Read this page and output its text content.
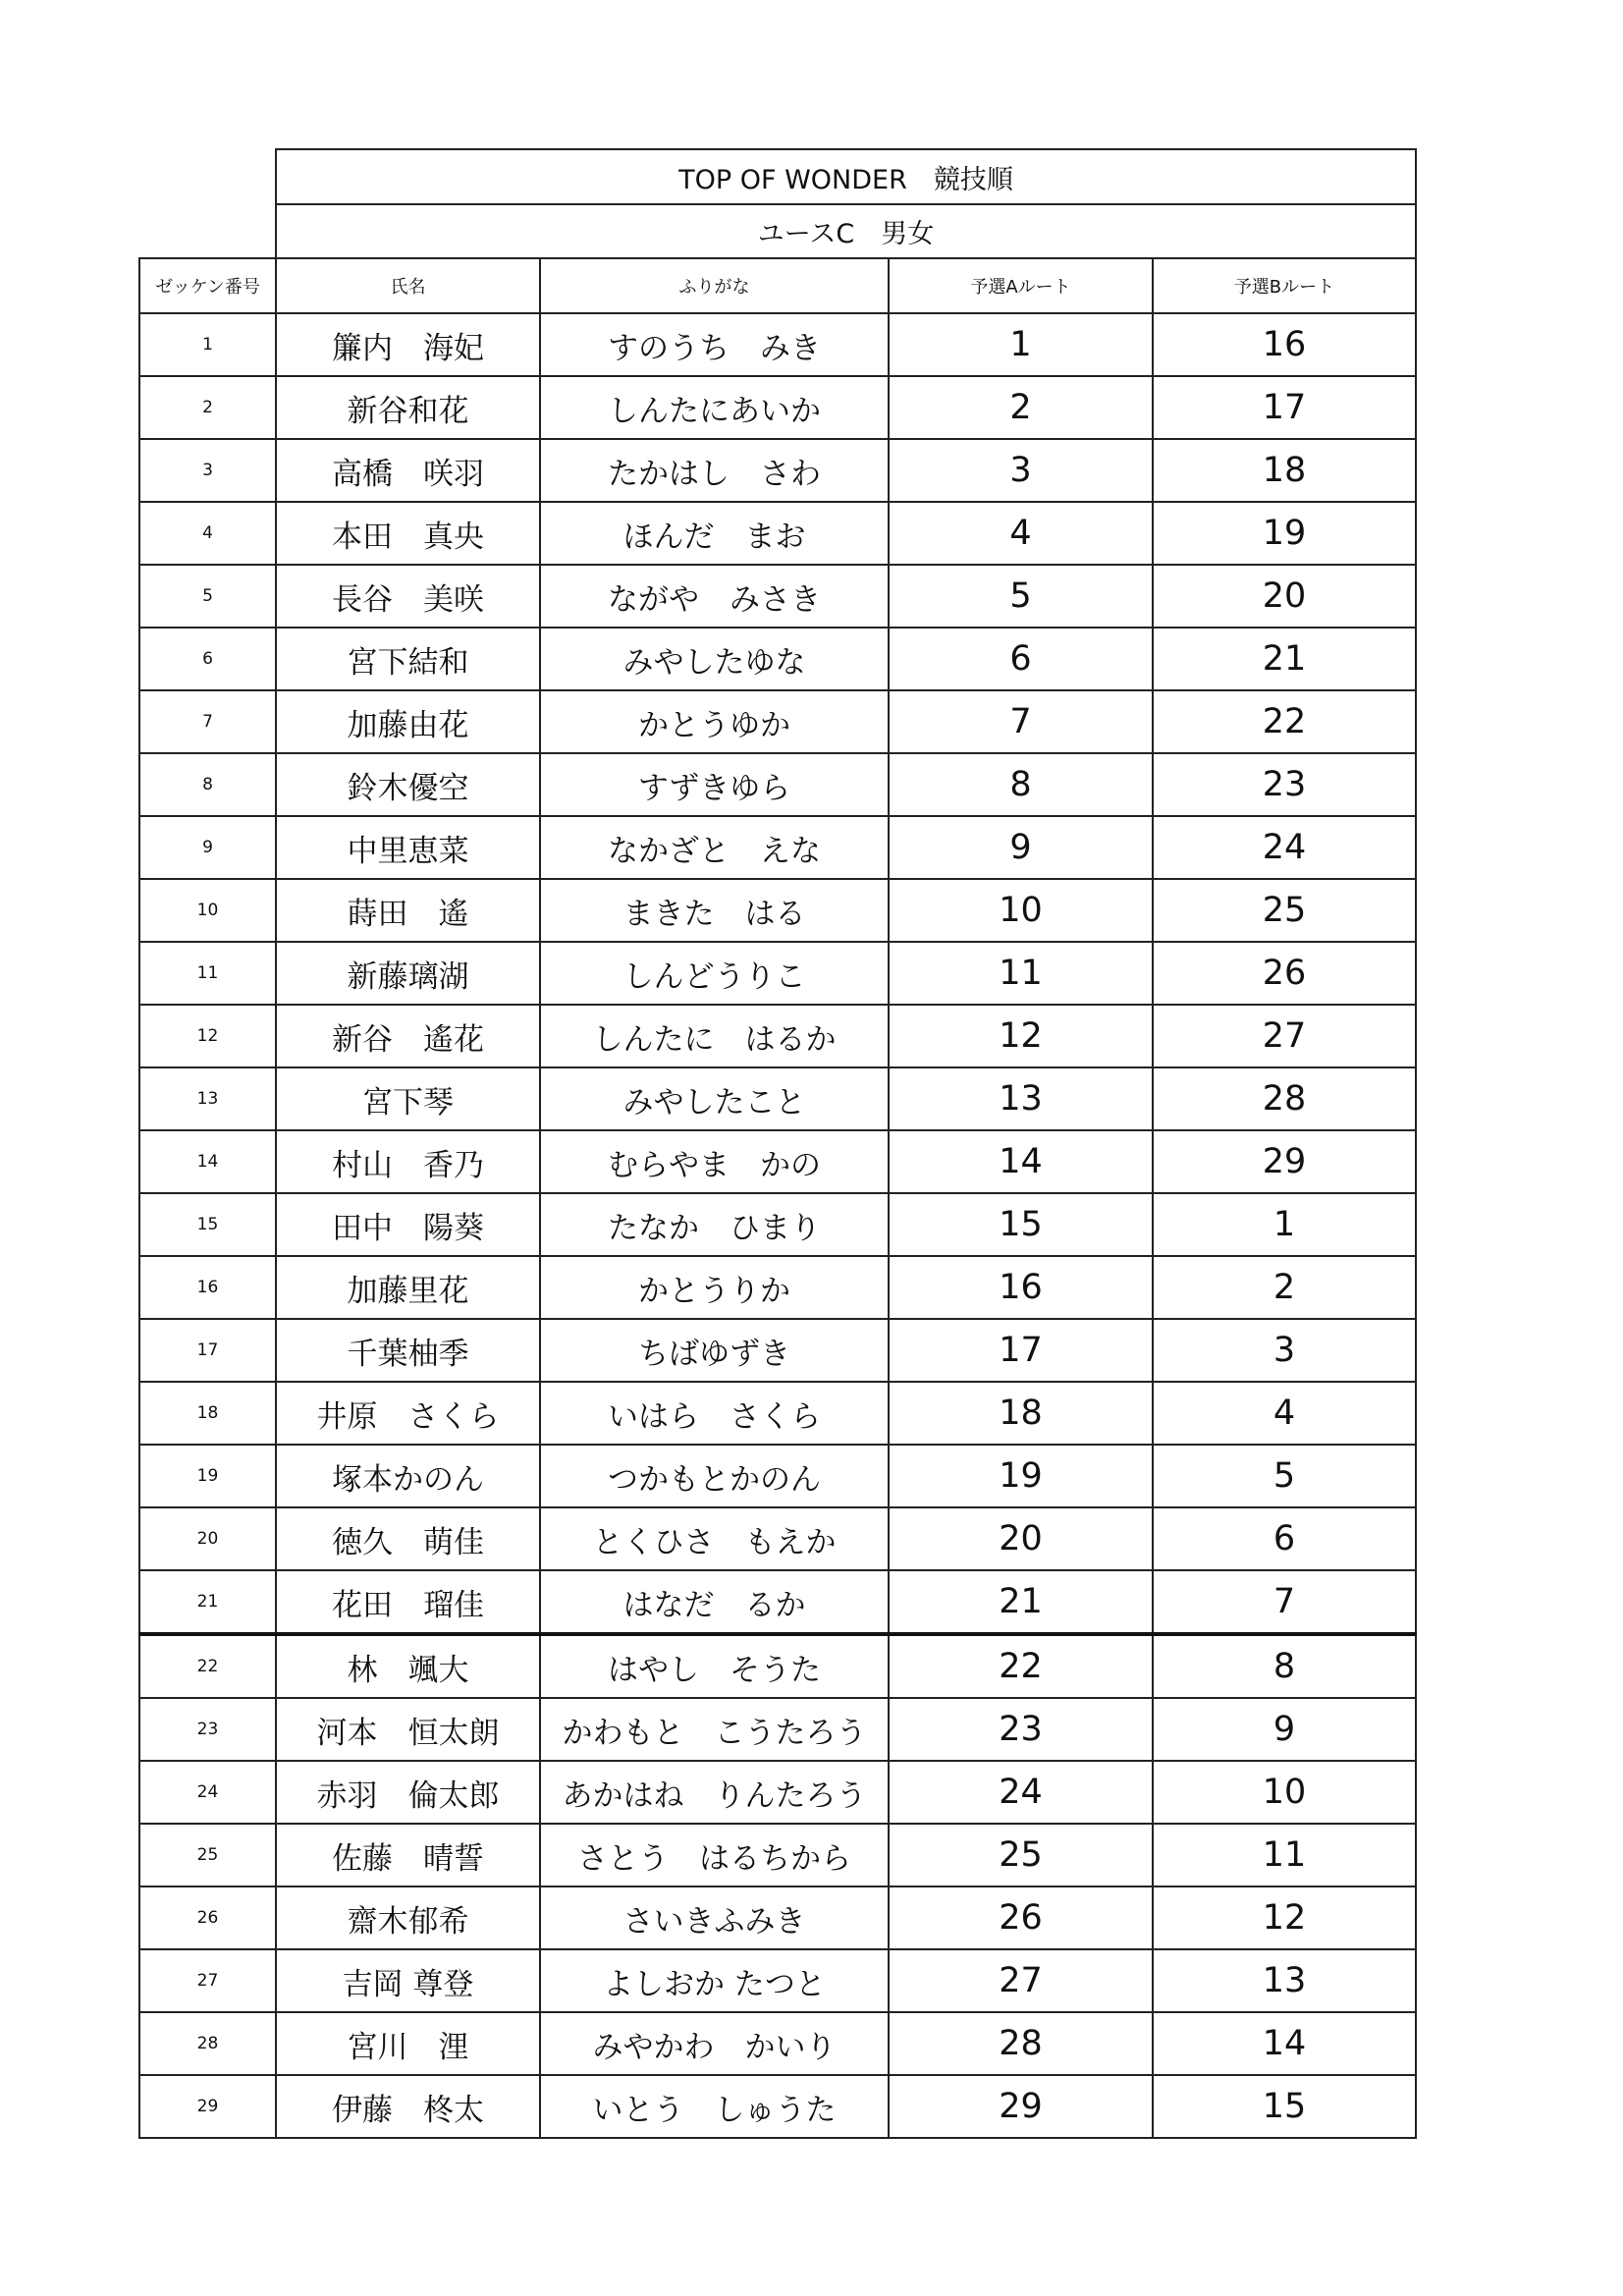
	TOP OF WONDER　競技順			
	ユースC　男女			
ゼッケン番号	氏名	ふりがな	予選Aルート	予選Bルート
1	簾内　海妃	すのうち　みき	1	16
2	新谷和花	しんたにあいか	2	17
3	高橋　咲羽	たかはし　さわ	3	18
4	本田　真央	ほんだ　まお	4	19
5	長谷　美咲	ながや　みさき	5	20
6	宮下結和	みやしたゆな	6	21
7	加藤由花	かとうゆか	7	22
8	鈴木優空	すずきゆら	8	23
9	中里恵菜	なかざと　えな	9	24
10	蒔田　遙	まきた　はる	10	25
11	新藤璃湖	しんどうりこ	11	26
12	新谷　遙花	しんたに　はるか	12	27
13	宮下琴	みやしたこと	13	28
14	村山　香乃	むらやま　かの	14	29
15	田中　陽葵	たなか　ひまり	15	1
16	加藤里花	かとうりか	16	2
17	千葉柚季	ちばゆずき	17	3
18	井原　さくら	いはら　さくら	18	4
19	塚本かのん	つかもとかのん	19	5
20	徳久　萌佳	とくひさ　もえか	20	6
21	花田　瑠佳	はなだ　るか	21	7
22	林　颯大	はやし　そうた	22	8
23	河本　恒太朗	かわもと　こうたろう	23	9
24	赤羽　倫太郎	あかはね　りんたろう	24	10
25	佐藤　晴誓	さとう　はるちから	25	11
26	齋木郁希	さいきふみき	26	12
27	吉岡 尊登	よしおか たつと	27	13
28	宮川　浬	みやかわ　かいり	28	14
29	伊藤　柊太	いとう　しゅうた	29	15
